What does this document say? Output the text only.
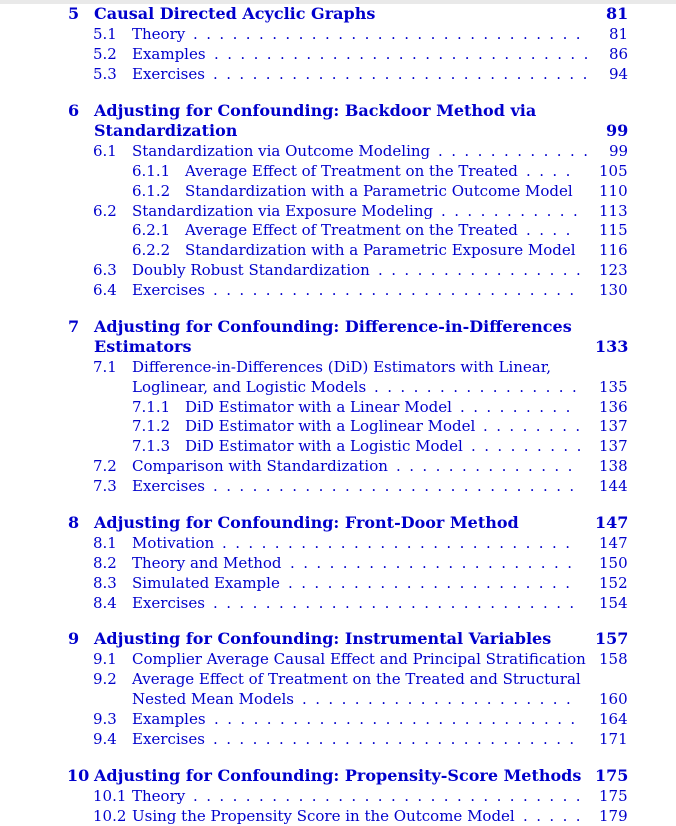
5 Causal Directed Acyclic Graphs	81
5.1 Theory	81
. . . . . . . . . . . . . . . . . . . . . . . . . . . . . .
5.2 Examples	86
. . . . . . . . . . . . . . . . . . . . . . . . . . . . .
5.3 Exercises	94
. . . . . . . . . . . . . . . . . . . . . . . . . . . . .
6 Adjusting for Confounding: Backdoor Method via
Standardization	99
6.1 Standardization via Outcome Modeling	99
. . . . . . . . . . . .
6.1.1 Average Effect of Treatment on the Treated	105
. . . .
6.1.2 Standardization with a Parametric Outcome Model 110
6.2 Standardization via Exposure Modeling	113
. . . . . . . . . . .
6.2.1 Average Effect of Treatment on the Treated	115
. . . .
6.2.2 Standardization with a Parametric Exposure Model 116
6.3 Doubly Robust Standardization	123
. . . . . . . . . . . . . . . .
6.4 Exercises	130
. . . . . . . . . . . . . . . . . . . . . . . . . . . .
7 Adjusting for Confounding: Difference-in-Differences
Estimators	133
7.1 Difference-in-Differences (DiD) Estimators with Linear,
Loglinear, and Logistic Models	135
. . . . . . . . . . . . . . . .
7.1.1 DiD Estimator with a Linear Model	136
. . . . . . . . .
7.1.2 DiD Estimator with a Loglinear Model	137
. . . . . . . .
7.1.3 DiD Estimator with a Logistic Model	137
. . . . . . . . .
7.2 Comparison with Standardization	138
. . . . . . . . . . . . . .
7.3 Exercises	144
. . . . . . . . . . . . . . . . . . . . . . . . . . . .
8 Adjusting for Confounding: Front-Door Method	147
8.1 Motivation	147
. . . . . . . . . . . . . . . . . . . . . . . . . . .
8.2 Theory and Method	150
. . . . . . . . . . . . . . . . . . . . . .
8.3 Simulated Example	152
. . . . . . . . . . . . . . . . . . . . . .
8.4 Exercises	154
. . . . . . . . . . . . . . . . . . . . . . . . . . . .
9 Adjusting for Confounding: Instrumental Variables	157
9.1 Complier Average Causal Effect and Principal Stratification 158
9.2 Average Effect of Treatment on the Treated and Structural
Nested Mean Models	160
. . . . . . . . . . . . . . . . . . . . .
9.3 Examples	164
. . . . . . . . . . . . . . . . . . . . . . . . . . . .
9.4 Exercises	171
. . . . . . . . . . . . . . . . . . . . . . . . . . . .
10 Adjusting for Confounding: Propensity-Score Methods 175
10.1 Theory	175
. . . . . . . . . . . . . . . . . . . . . . . . . . . . . .
10.2 Using the Propensity Score in the Outcome Model	179
. . . . .
